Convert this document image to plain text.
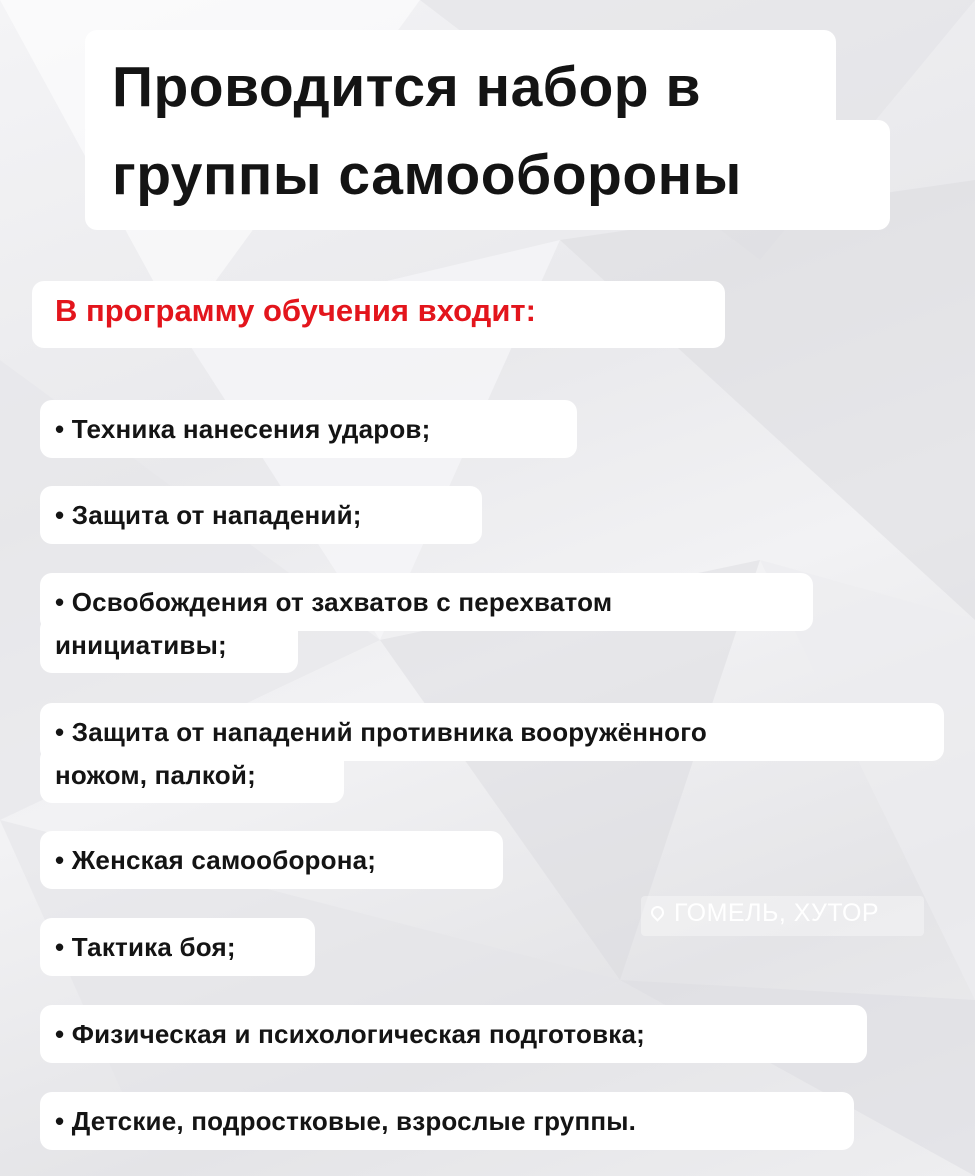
Проводится набор в

группы самообороны

В программу обучения входит:

• Техника нанесения ударов;

• Защита от нападений;

• Освобождения от захватов с перехватом

инициативы;

• Защита от нападений противника вооружённого

ножом, палкой;

• Женская самооборона;

ГОМЕЛЬ, ХУТОР

• Тактика боя;

• Физическая и психологическая подготовка;

• Детские, подростковые, взрослые группы.
